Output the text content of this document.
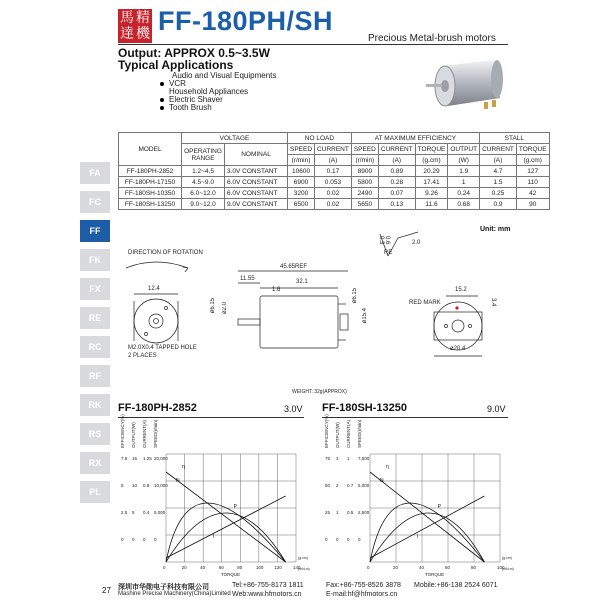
馬 精
達 機 FF-180PH/SH
Precious Metal-brush motors
Output: APPROX 0.5~3.5W
Typical Applications
Audio and Visual Equipments
VCR
Household Appliances
Electric Shaver
Tooth Brush
MODEL	VOLTAGE		NO LOAD		AT MAXIMUM EFFICIENCY				STALL	
	OPERATING RANGE	NOMINAL	SPEED	CURRENT	SPEED	CURRENT	TORQUE	OUTPUT	CURRENT	TORQUE
			(r/min)	(A)	(r/min)	(A)	(g.cm)	(W)	(A)	(g.cm)
FF-180PH-2852	1.2~4.5	3.0V CONSTANT	10600	0.17	8900	0.89	20.29	1.9	4.7	127
FF-180PH-17150	4.5~9.0	6.0V CONSTANT	6900	0.053	5800	0.28	17.41	1	1.5	110
FF-180SH-10350	6.0~12.0	6.0V CONSTANT	3200	0.02	2490	0.07	9.26	0.24	0.25	42
FF-180SH-13250	9.0~12.0	9.0V CONSTANT	6500	0.02	5650	0.13	11.6	0.68	0.9	90
FA
FC
FF
FK
FX
RE
RC
RF
RK
RS
RX
PL
Unit: mm
DIRECTION OF ROTATION
M2.0X0.4 TAPPED HOLE
2 PLACES
WEIGHT: 32g(APPROX)
RED MARK
45.65REF
11.55	32.1
1.6
12.4
ø6.15 ø2.0
ø6.15
ø15.4
15.2
3.4
ø20.4
2.0
0.3 0.6
RE
FF-180PH-2852	3.0V FF-180SH-13250	9.0V
EFFICIENCY(%) OUTPUT(W) CURRENT(A) SPEED(r/min)
0	20	40	60	80	100 120 140
7.5 15 1.25 20,000
5 10 0.8 10,000
2.5 5 0.4 5,000
0 0 0 0
TORQUE
(g.cm)
(mN.m)
N
P
I
η
EFFICIENCY(%) OUTPUT(W) CURRENT(A) SPEED(r/min)
0	20	40	60	80	100
75 3 1 7,500
50 2 0.7 5,000
25 1 0.5 2,500
0 0 0 0
TORQUE
(g.cm)
(mN.m)
N
P
I
η
27 深圳市华勋电子科技有限公司
Mashine Precise Machinery(China)Limited
Tel:+86-755-8173 1811
Web:www.hfmotors.cn
Fax:+86-755-8526 3878
E-mail:hf@hfmotors.cn
Mobile:+86-138 2524 6071
